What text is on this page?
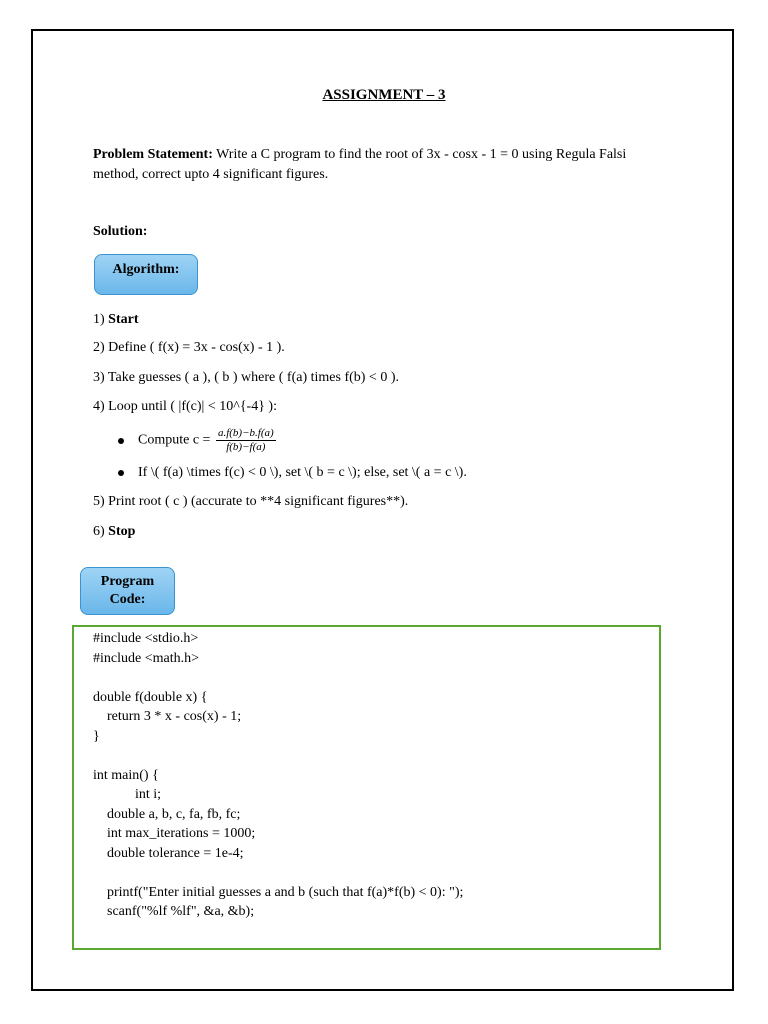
ASSIGNMENT – 3
Problem Statement: Write a C program to find the root of 3x - cosx - 1 = 0 using Regula Falsi
method, correct upto 4 significant figures.
Solution:
Algorithm:
1) Start
2) Define ( f(x) = 3x - cos(x) - 1 ).
3) Take guesses ( a ), ( b ) where ( f(a) times f(b) < 0 ).
4) Loop until ( |f(c)| < 10^{-4} ):
Compute $c = \frac{a.f(b)-b.f(a)}{f(b)-f(a)}$
If \( f(a) \times f(c) < 0 \), set \( b = c \); else, set \( a = c \).
5) Print root ( c ) (accurate to **4 significant figures**).
6) Stop
Program Code:
#include <stdio.h>
#include <math.h>
double f(double x) {
return 3 * x - cos(x) - 1;
}
int main() {
int i;
double a, b, c, fa, fb, fc;
int max_iterations = 1000;
double tolerance = 1e-4;
printf("Enter initial guesses a and b (such that f(a)*f(b) < 0): ");
scanf("%lf %lf", &a, &b);
